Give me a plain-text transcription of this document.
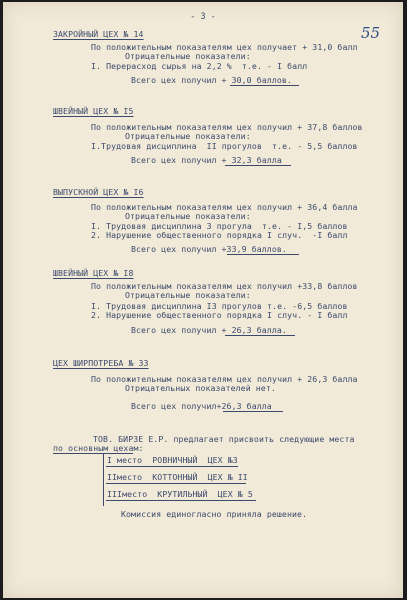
- 3 -
55
ЗАКРОЙНЫЙ ЦЕХ № 14
По положительным показателям цех получает + 31,0 балл
Отрицательные показатели:
I. Перерасход сырья на 2,2 %  т.е. - I балл
Всего цех получил + 30,0 баллов.
ШВЕЙНЫЙ ЦЕХ № I5
По положительным показателям цех получил + 37,8 баллов
Отрицательные показатели:
I.Трудовая дисциплина  II прогулов  т.е. - 5,5 баллов
Всего цех получил + 32,3 балла
ВЫПУСКНОЙ ЦЕХ № I6
По положительным показателям цех получил + 36,4 балла
Отрицательные показатели:
I. Трудовая дисциплина 3 прогула  т.е. - I,5 баллов
2. Нарушение общественного порядка I случ.  -I балл
Всего цех получил +33,9 баллов.
ШВЕЙНЫЙ ЦЕХ № I8
По положительным показателям цех получил +33,8 баллов
Отрицательные показатели:
I. Трудовая дисциплина I3 прогулов т.е. -6,5 баллов
2. Нарушение общественного порядка I случ. - I балл
Всего цех получил + 26,3 балла.
ЦЕХ ШИРПОТРЕБА № 33
По положительным показателям цех получил + 26,3 балла
Отрицательных показателей нет.
Всего цех получил+26,3 балла
ТОВ. БИРЗЕ Е.Р. предлагает присвоить следующие места
по основным цехам:
I место  РОВНИЧНЫЙ  ЦЕХ №3
IIместо  КОТТОННЫЙ  ЦЕХ № II
IIIместо  КРУТИЛЬНЫЙ  ЦЕХ № 5
Комиссия единогласно приняла решение.
